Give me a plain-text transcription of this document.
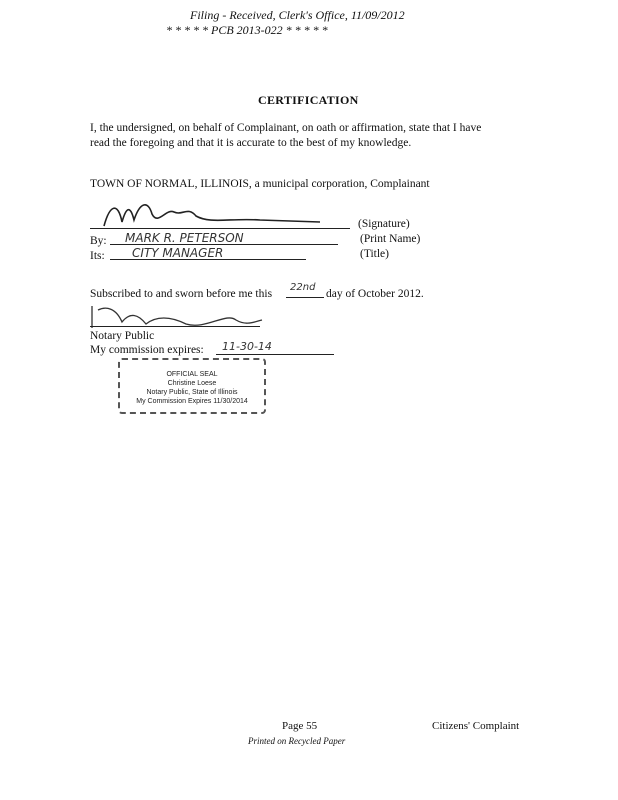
Filing - Received, Clerk's Office, 11/09/2012
* * * * * PCB 2013-022 * * * * *
CERTIFICATION
I, the undersigned, on behalf of Complainant, on oath or affirmation, state that I have
read the foregoing and that it is accurate to the best of my knowledge.
TOWN OF NORMAL, ILLINOIS, a municipal corporation, Complainant
(Signature)
By: MARK R. PETERSON	(Print Name)
Its: CITY MANAGER	(Title)
Subscribed to and sworn before me this
22nd
day of October 2012.
Notary Public
My commission expires: 11-30-14
OFFICIAL SEAL
Christine Loese
Notary Public, State of Illinois
My Commission Expires 11/30/2014
Page 55	Citizens' Complaint
Printed on Recycled Paper
